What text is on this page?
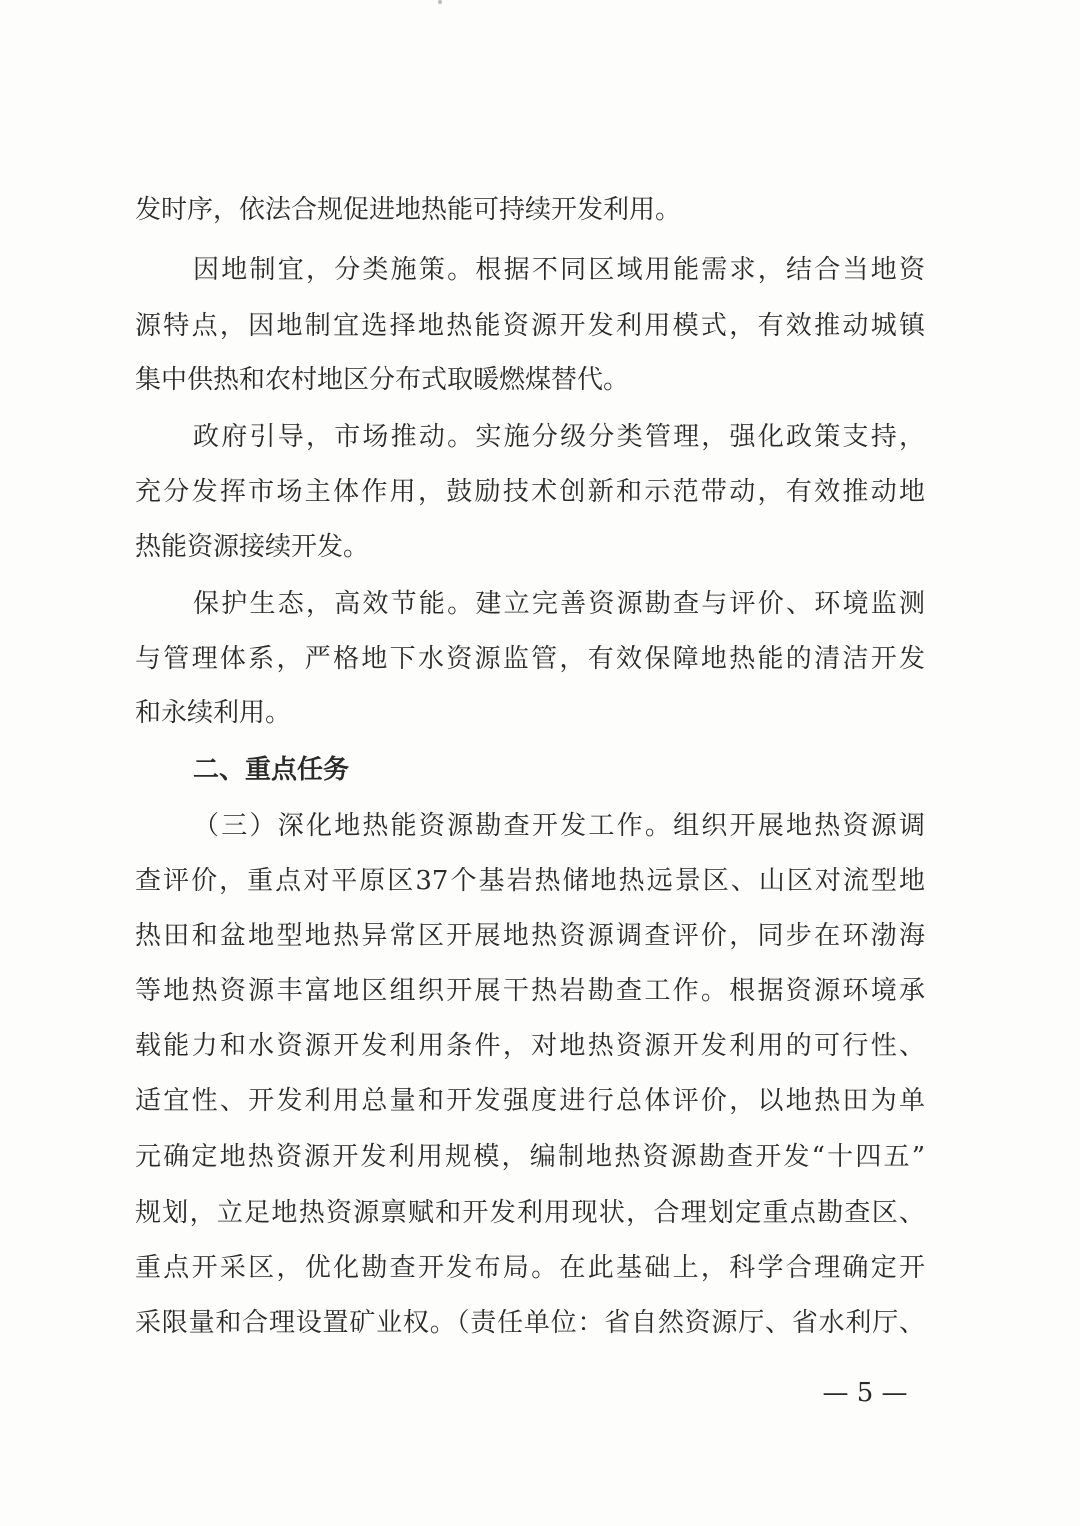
发时序，依法合规促进地热能可持续开发利用。
因地制宜，分类施策。根据不同区域用能需求，结合当地资
源特点，因地制宜选择地热能资源开发利用模式，有效推动城镇
集中供热和农村地区分布式取暖燃煤替代。
政府引导，市场推动。实施分级分类管理，强化政策支持，
充分发挥市场主体作用，鼓励技术创新和示范带动，有效推动地
热能资源接续开发。
保护生态，高效节能。建立完善资源勘查与评价、环境监测
与管理体系，严格地下水资源监管，有效保障地热能的清洁开发
和永续利用。
二、重点任务
（三）深化地热能资源勘查开发工作。组织开展地热资源调
查评价，重点对平原区37个基岩热储地热远景区、山区对流型地
热田和盆地型地热异常区开展地热资源调查评价，同步在环渤海
等地热资源丰富地区组织开展干热岩勘查工作。根据资源环境承
载能力和水资源开发利用条件，对地热资源开发利用的可行性、
适宜性、开发利用总量和开发强度进行总体评价，以地热田为单
元确定地热资源开发利用规模，编制地热资源勘查开发“十四五”
规划，立足地热资源禀赋和开发利用现状，合理划定重点勘查区、
重点开采区，优化勘查开发布局。在此基础上，科学合理确定开
采限量和合理设置矿业权。（责任单位：省自然资源厅、省水利厅、
— 5 —
